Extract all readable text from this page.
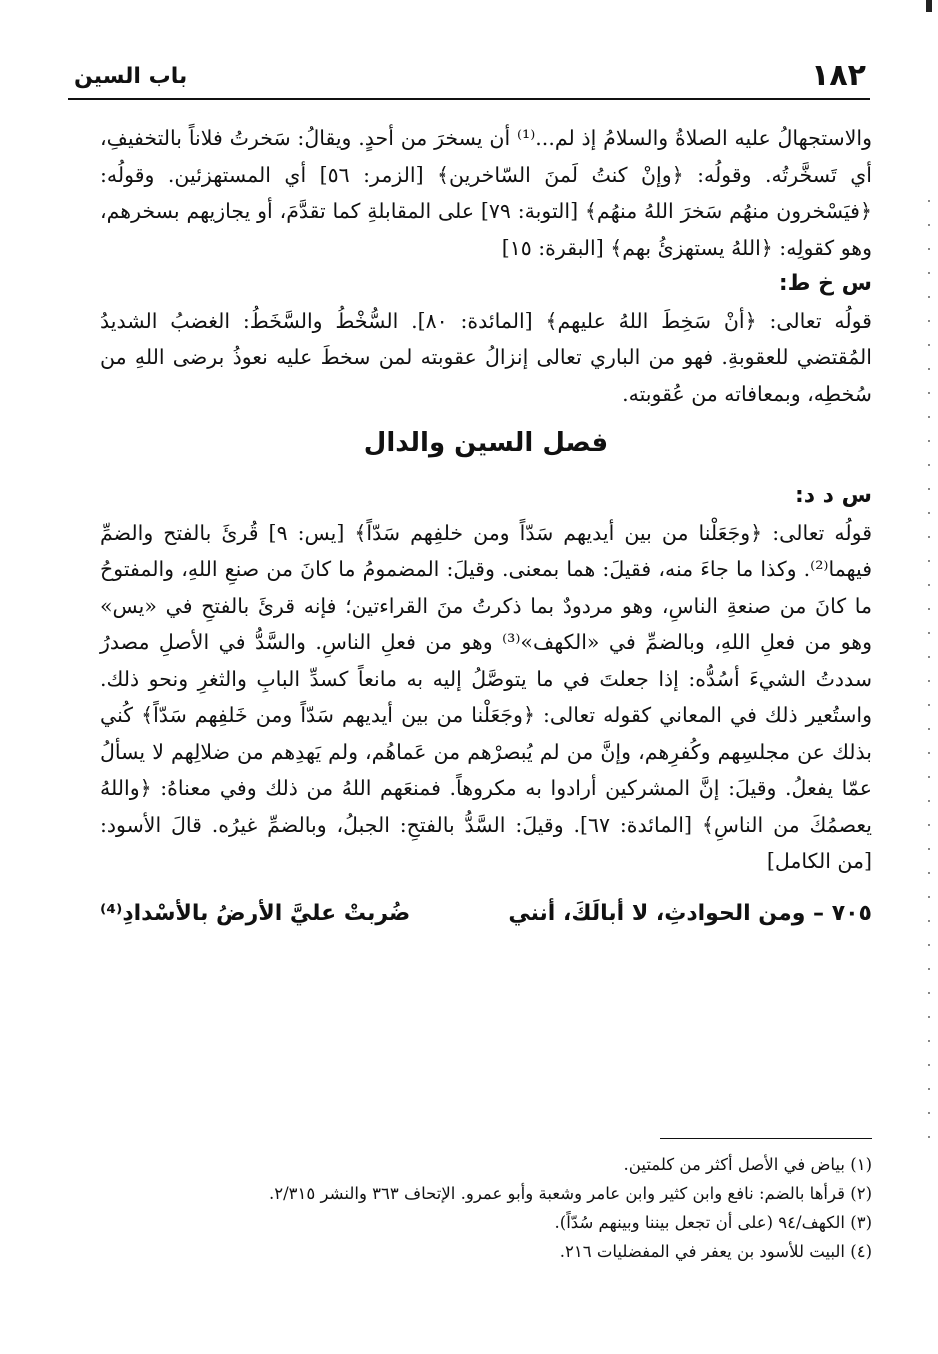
١٨٢
باب السين

والاستجهالُ عليه الصلاةُ والسلامُ إذ لم...⁽¹⁾ أن يسخرَ من أحدٍ. ويقالُ: سَخرتُ فلاناً بالتخفيفِ، أي تَسخَّرتُه. وقولُه: ﴿وإنْ كنتُ لَمنَ السّاخرين﴾ [الزمر: ٥٦] أي المستهزئين. وقولُه: ﴿فيَسْخرون منهُم سَخرَ اللهُ منهُم﴾ [التوبة: ٧٩] على المقابلةِ كما تقدَّمَ، أو يجازيهم بسخرهم، وهو كقولِه: ﴿اللهُ يستهزئُ بهم﴾ [البقرة: ١٥]

س خ ط:

قولُه تعالى: ﴿أنْ سَخِطَ اللهُ عليهم﴾ [المائدة: ٨٠]. السُّخْطُ والسَّخَطُ: الغضبُ الشديدُ المُقتضي للعقوبةِ. فهو من الباري تعالى إنزالُ عقوبته لمن سخطَ عليه نعوذُ برضى اللهِ من سُخطِه، وبمعافاته من عُقوبته.

فصل السين والدال

س د د:

قولُه تعالى: ﴿وجَعَلْنا من بين أيديهم سَدّاً ومن خلفِهم سَدّاً﴾ [يس: ٩] قُرئَ بالفتح والضمِّ فيهما⁽²⁾. وكذا ما جاءَ منه، فقيلَ: هما بمعنى. وقيلَ: المضمومُ ما كانَ من صنعِ اللهِ، والمفتوحُ ما كانَ من صنعةِ الناسِ، وهو مردودٌ بما ذكرتُ منَ القراءتين؛ فإنه قرئَ بالفتحِ في «يس» وهو من فعلِ اللهِ، وبالضمِّ في «الكهف»⁽³⁾ وهو من فعلِ الناسِ. والسَّدُّ في الأصلِ مصدرُ سددتُ الشيءَ أسُدُّه: إذا جعلتَ في ما يتوصَّلُ إليه به مانعاً كسدِّ البابِ والثغرِ ونحو ذلك. واستُعير ذلك في المعاني كقوله تعالى: ﴿وجَعَلْنا من بين أيديهم سَدّاً ومن خَلفِهم سَدّاً﴾ كُني بذلك عن مجلسِهم وكُفرِهم، وإنَّ من لم يُبصرْهم من عَماهُم، ولم يَهدِهم من ضلالِهم لا يسألُ عمّا يفعلُ. وقيلَ: إنَّ المشركين أرادوا به مكروهاً. فمنعَهم اللهُ من ذلك وفي معناهُ: ﴿واللهُ يعصمُكَ من الناسِ﴾ [المائدة: ٦٧]. وقيلَ: السَّدُّ بالفتحِ: الجبلُ، وبالضمِّ غيرُه. قالَ الأسود: [من الكامل]

٧٠٥ – ومن الحوادثِ، لا أبالَكَ، أنني
ضُربتْ عليَّ الأرضُ بالأسْدادِ⁽⁴⁾
(١) بياض في الأصل أكثر من كلمتين.
(٢) قرأها بالضم: نافع وابن كثير وابن عامر وشعبة وأبو عمرو. الإتحاف ٣٦٣ والنشر ٢/٣١٥.
(٣) الكهف/٩٤ (على أن تجعل بيننا وبينهم سُدّاً).
(٤) البيت للأسود بن يعفر في المفضليات ٢١٦.
